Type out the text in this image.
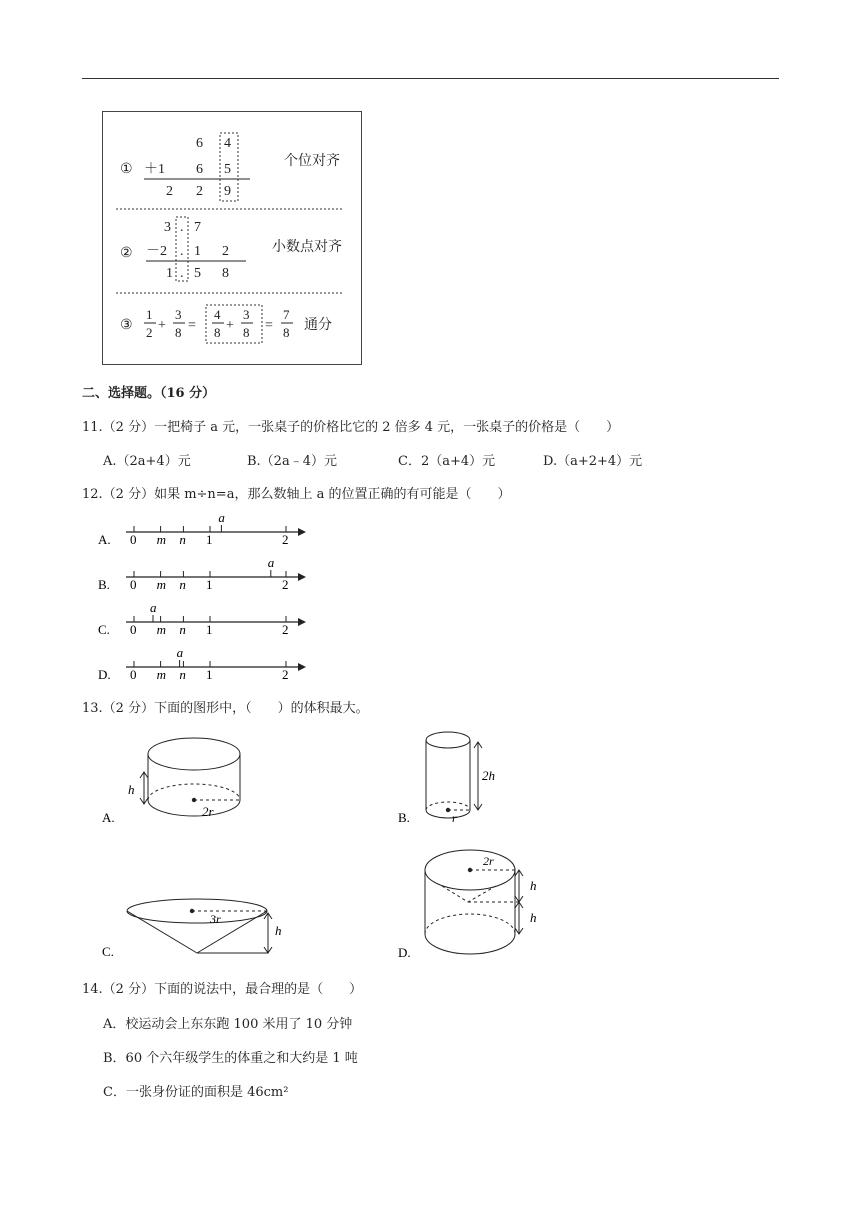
①
6 4
＋1 6 5
2 2 9
个位对齐
3 . 7
② －2 . 1 2
1 . 5 8
小数点对齐
③
1
2 +
3
8 =
4
8 +
3
8 =
7
8 通分
二、选择题。（16 分）
11.（2 分）一把椅子 a 元，一张桌子的价格比它的 2 倍多 4 元，一张桌子的价格是（　　）
A.（2a+4）元	B.（2a﹣4）元	C．2（a+4）元	D.（a+2+4）元
12.（2 分）如果 m÷n=a，那么数轴上 a 的位置正确的有可能是（　　）
A. 0 m n 1	2
a
B. 0 m n 1	2
a
C. 0 m n 1	2
a
D. 0 m n 1	2
a
13.（2 分）下面的图形中，（　　）的体积最大。
A.	2r
h
B.	r
2h
C.
3r
h
D.
2r
h
h
14.（2 分）下面的说法中，最合理的是（　　）
A．校运动会上东东跑 100 米用了 10 分钟
B．60 个六年级学生的体重之和大约是 1 吨
C．一张身份证的面积是 46cm²
